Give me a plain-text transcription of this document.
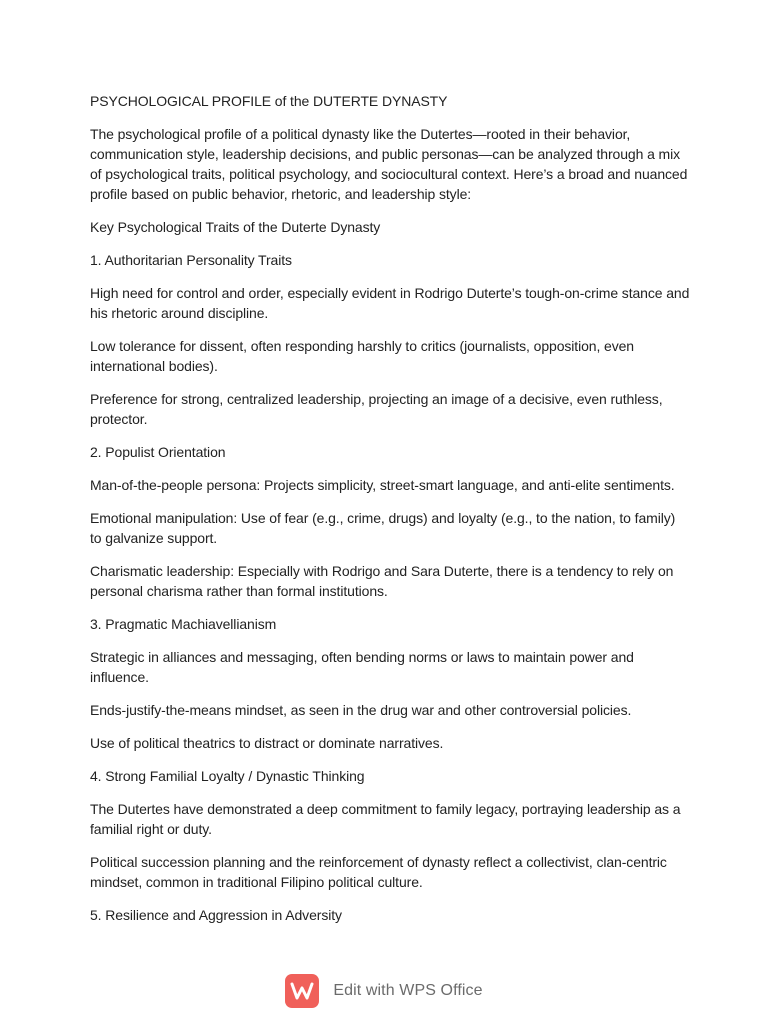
PSYCHOLOGICAL PROFILE of the DUTERTE DYNASTY

The psychological profile of a political dynasty like the Dutertes—rooted in their behavior, communication style, leadership decisions, and public personas—can be analyzed through a mix of psychological traits, political psychology, and sociocultural context. Here’s a broad and nuanced profile based on public behavior, rhetoric, and leadership style:

Key Psychological Traits of the Duterte Dynasty

1. Authoritarian Personality Traits

High need for control and order, especially evident in Rodrigo Duterte’s tough-on-crime stance and his rhetoric around discipline.

Low tolerance for dissent, often responding harshly to critics (journalists, opposition, even international bodies).

Preference for strong, centralized leadership, projecting an image of a decisive, even ruthless, protector.

2. Populist Orientation

Man-of-the-people persona: Projects simplicity, street-smart language, and anti-elite sentiments.

Emotional manipulation: Use of fear (e.g., crime, drugs) and loyalty (e.g., to the nation, to family) to galvanize support.

Charismatic leadership: Especially with Rodrigo and Sara Duterte, there is a tendency to rely on personal charisma rather than formal institutions.

3. Pragmatic Machiavellianism

Strategic in alliances and messaging, often bending norms or laws to maintain power and influence.

Ends-justify-the-means mindset, as seen in the drug war and other controversial policies.

Use of political theatrics to distract or dominate narratives.

4. Strong Familial Loyalty / Dynastic Thinking

The Dutertes have demonstrated a deep commitment to family legacy, portraying leadership as a familial right or duty.

Political succession planning and the reinforcement of dynasty reflect a collectivist, clan-centric mindset, common in traditional Filipino political culture.

5. Resilience and Aggression in Adversity

Edit with WPS Office
